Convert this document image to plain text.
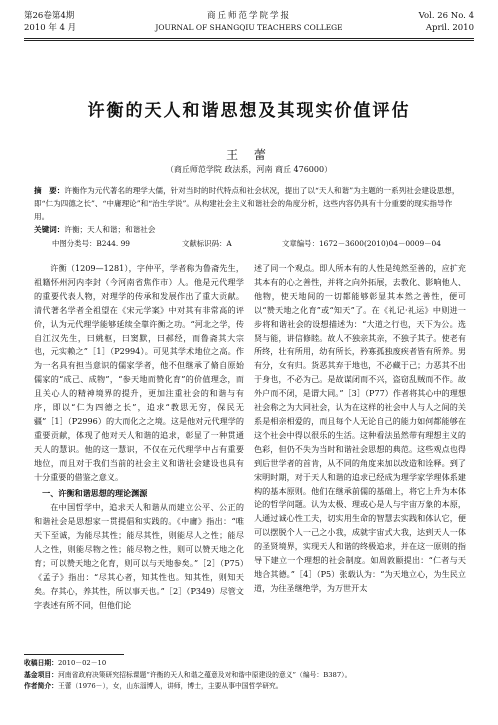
第26卷第4期
2010 年 4 月
商丘师范学院学报
JOURNAL OF SHANGQIU TEACHERS COLLEGE
Vol. 26 No. 4
April. 2010
许衡的天人和谐思想及其现实价值评估
王 蕾
（商丘师范学院 政法系，河南 商丘 476000）
摘　要：许衡作为元代著名的理学大儒，针对当时的时代特点和社会状况，提出了以“天人和谐”为主题的一系列社会建设思想，即“仁为四德之长”、“中庸理论”和“治生学说”。从构建社会主义和谐社会的角度分析，这些内容仍具有十分重要的现实指导作用。
关键词：许衡；天人和谐；和谐社会
中图分类号：B244. 99	文献标识码：A	文章编号：1672－3600(2010)04－0009－04

许衡（1209—1281），字仲平，学者称为鲁斋先生，祖籍怀州河内李封（今河南省焦作市）人。他是元代理学的重要代表人物，对理学的传承和发展作出了重大贡献。清代著名学者全祖望在《宋元学案》中对其有非常高的评价，认为元代理学能够延续全靠许衡之功。“河北之学，传自江汉先生，曰姚枢，曰窦默，曰郝经，而鲁斋其大宗也，元实赖之”［1］（P2994）。可见其学术地位之高。作为一名具有担当意识的儒家学者，他不但继承了脩自原始儒家的“成己、成物”，“参天地而赞化育”的价值理念，而且关心人的精神境界的提升，更加注重社会的和谐与有序，即以“仁为四德之长”，追求“教思无穷，保民无疆”［1］（P2996）的大而化之之境。这是他对元代理学的重要贡献，体现了他对天人和谐的追求，彰显了一种贯通天人的慧识。他的这一慧识，不仅在元代理学中占有重要地位，而且对于我们当前的社会主义和谐社会建设也具有十分重要的借鉴之意义。

一、许衡和谐思想的理论渊源

在中国哲学中，追求天人和谐从而建立公平、公正的和谐社会是思想家一贯提倡和实践的。《中庸》指出：“唯天下至诚，为能尽其性；能尽其性，则能尽人之性；能尽人之性，则能尽物之性；能尽物之性，则可以赞天地之化育；可以赞天地之化育，则可以与天地参矣。”［2］（P75）《孟子》指出：“尽其心者，知其性也。知其性，则知天矣。存其心，养其性，所以事天也。”［2］（P349）尽管文字表述有所不同，但他们论

述了同一个观点。即人所本有的人性是纯然至善的，应扩充其本有的心之善性，并将之向外拓展，去教化、影响他人、他物，使天地间的一切都能够彰显其本然之善性，便可以“赞天地之化育”或“知天”了。在《礼记·礼运》中则进一步将和谐社会的设想描述为：“大道之行也，天下为公。选贤与能，讲信修睦。故人不独亲其亲，不独子其子。使老有所终，壮有所用，幼有所长，矜寡孤独废疾者皆有所养。男有分，女有归。货恶其弃于地也，不必藏于己；力恶其不出于身也，不必为己。是故谋闭而不兴，盗窃乱贼而不作。故外户而不闭，是谓大同。”［3］（P77）作者将其心中的理想社会称之为大同社会，认为在这样的社会中人与人之间的关系是相亲相爱的，而且每个人无论自己的能力如何都能够在这个社会中得以很乐的生活。这种看法虽然带有理想主义的色彩，但仍不失为当时和谐社会思想的典范。这些观点也得到后世学者的首肯，从不同的角度来加以改造和诠释。到了宋明时期，对于天人和谐的追求已经成为理学家学理体系建构的基本原则。他们在继承前儒的基础上，将它上升为本体论的哲学问题。认为太极、理或心是人与宇宙万象的本原，人通过诚心性工夫，切实用生命的智慧去实践和体认它，便可以摆脱个人一己之小我，成就宇宙式大我，达到天人一体的圣贤境界，实现天人和谐的终极追求，并在这一原则的指导下建立一个理想的社会制度。如周敦颐提出：“仁者与天地合其德。”［4］（P5）张载认为：“为天地立心，为生民立道，为往圣继绝学，为万世开太

收稿日期：2010－02－10
基金项目：河南省政府决策研究招标课题“许衡的天人和谐之蕴意及对和谐中原建设的意义”（编号：B387）。
作者简介：王蕾（1976－），女，山东淄博人，讲师，博士，主要从事中国哲学研究。
